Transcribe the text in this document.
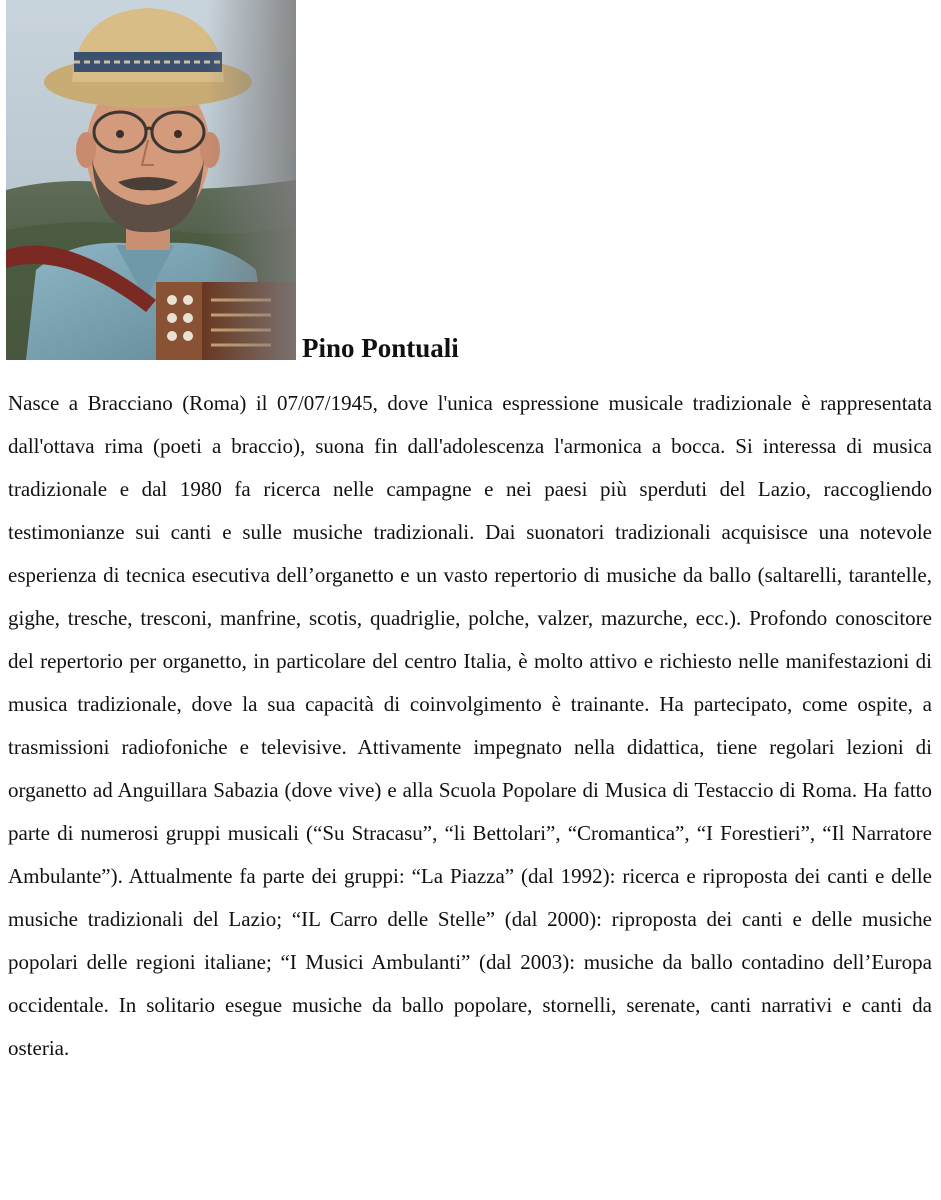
Pino Pontuali

Nasce a Bracciano (Roma) il 07/07/1945, dove l'unica espressione musicale tradizionale è rappresentata dall'ottava rima (poeti a braccio), suona fin dall'adolescenza l'armonica a bocca. Si interessa di musica tradizionale e dal 1980 fa ricerca nelle campagne e nei paesi più sperduti del Lazio, raccogliendo testimonianze sui canti e sulle musiche tradizionali. Dai suonatori tradizionali acquisisce una notevole esperienza di tecnica esecutiva dell’organetto e un vasto repertorio di musiche da ballo (saltarelli, tarantelle, gighe, tresche, tresconi, manfrine, scotis, quadriglie, polche, valzer, mazurche, ecc.). Profondo conoscitore del repertorio per organetto, in particolare del centro Italia, è molto attivo e richiesto nelle manifestazioni di musica tradizionale, dove la sua capacità di coinvolgimento è trainante. Ha partecipato, come ospite, a trasmissioni radiofoniche e televisive. Attivamente impegnato nella didattica, tiene regolari lezioni di organetto ad Anguillara Sabazia (dove vive) e alla Scuola Popolare di Musica di Testaccio di Roma. Ha fatto parte di numerosi gruppi musicali (“Su Stracasu”, “li Bettolari”, “Cromantica”, “I Forestieri”, “Il Narratore Ambulante”). Attualmente fa parte dei gruppi: “La Piazza” (dal 1992): ricerca e riproposta dei canti e delle musiche tradizionali del Lazio; “IL Carro delle Stelle” (dal 2000): riproposta dei canti e delle musiche popolari delle regioni italiane; “I Musici Ambulanti” (dal 2003): musiche da ballo contadino dell’Europa occidentale. In solitario esegue musiche da ballo popolare, stornelli, serenate, canti narrativi e canti da osteria.
